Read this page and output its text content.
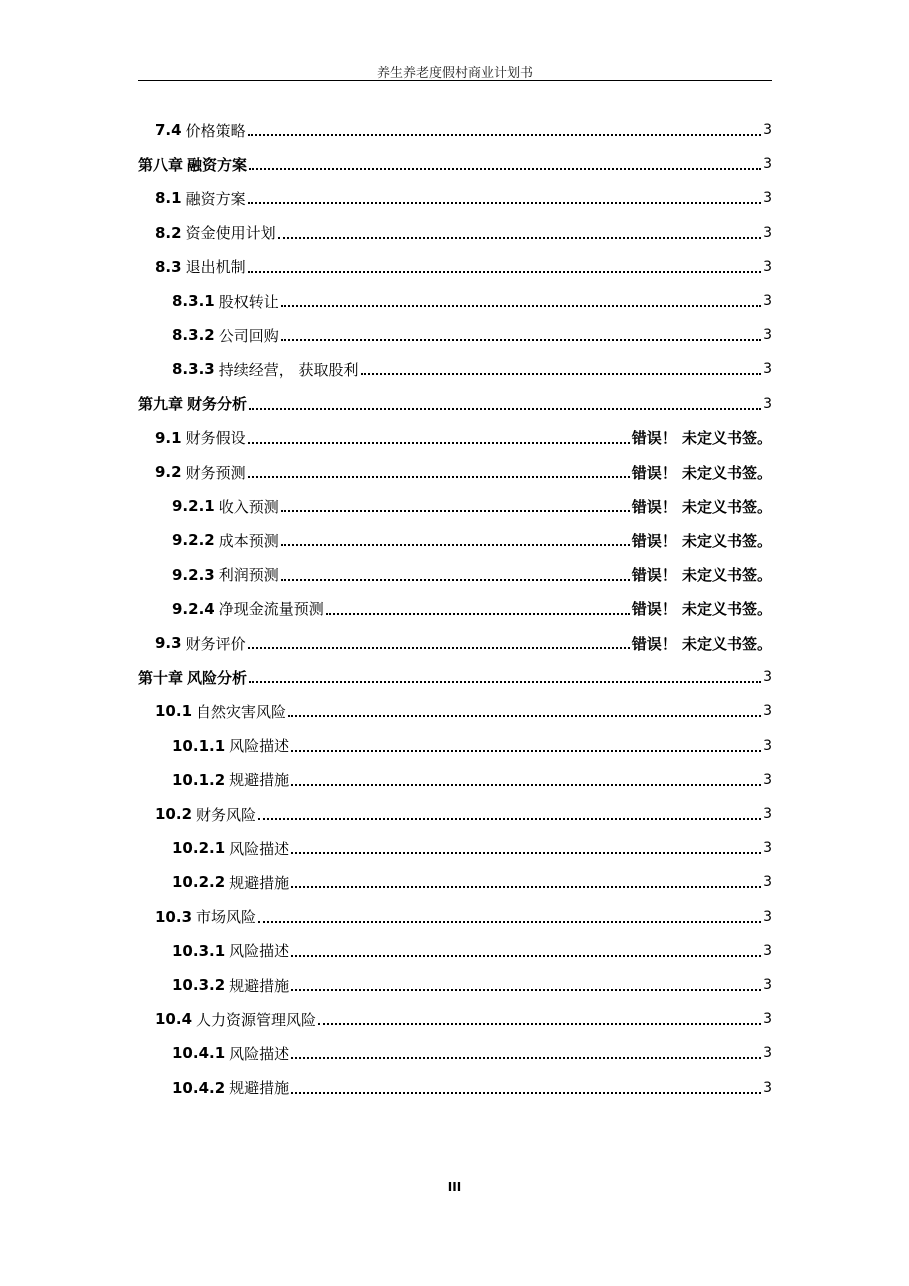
养生养老度假村商业计划书
7.4 价格策略	3
第八章 融资方案	3
8.1 融资方案	3
8.2 资金使用计划	3
8.3 退出机制	3
8.3.1 股权转让	3
8.3.2 公司回购	3
8.3.3 持续经营， 获取股利	3
第九章 财务分析	3
9.1 财务假设	错误！ 未定义书签。
9.2 财务预测	错误！ 未定义书签。
9.2.1 收入预测	错误！ 未定义书签。
9.2.2 成本预测	错误！ 未定义书签。
9.2.3 利润预测	错误！ 未定义书签。
9.2.4 净现金流量预测	错误！ 未定义书签。
9.3 财务评价	错误！ 未定义书签。
第十章 风险分析	3
10.1 自然灾害风险	3
10.1.1 风险描述	3
10.1.2 规避措施	3
10.2 财务风险	3
10.2.1 风险描述	3
10.2.2 规避措施	3
10.3 市场风险	3
10.3.1 风险描述	3
10.3.2 规避措施	3
10.4 人力资源管理风险	3
10.4.1 风险描述	3
10.4.2 规避措施	3
III
